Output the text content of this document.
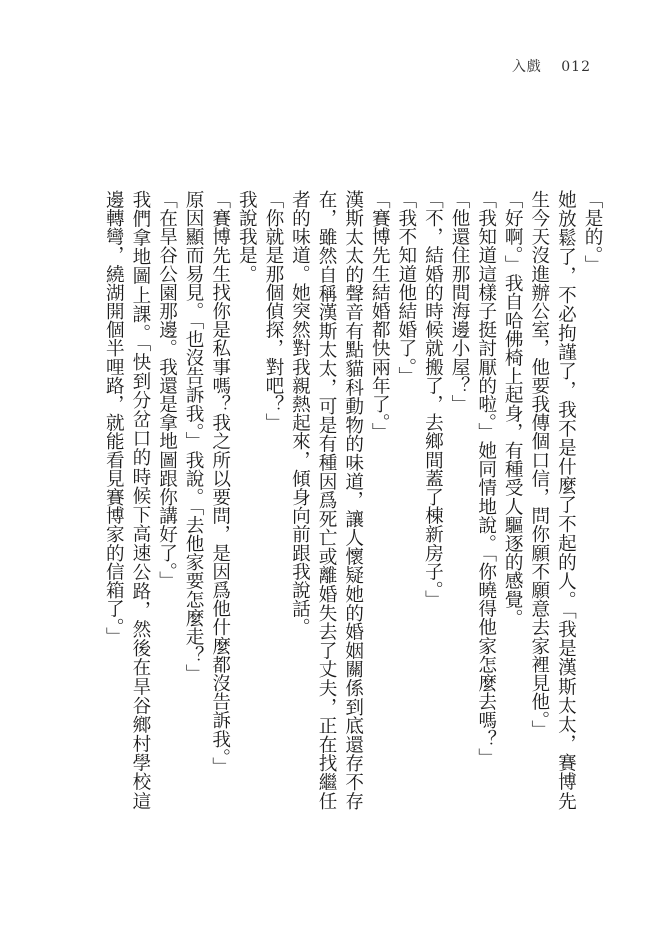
入戲 012

「是的。」

她放鬆了，不必拘謹了，我不是什麼了不起的人。「我是漢斯太太，賽博先生今天沒進辦公室，他要我傳個口信，問你願不願意去家裡見他。」

「好啊。」我自哈佛椅上起身，有種受人驅逐的感覺。

「我知道這樣子挺討厭的啦。」她同情地說。「你曉得他家怎麼去嗎？」

「他還住那間海邊小屋？」

「不，結婚的時候就搬了，去鄉間蓋了棟新房子。」

「我不知道他結婚了。」

「賽博先生結婚都快兩年了。」

漢斯太太的聲音有點貓科動物的味道，讓人懷疑她的婚姻關係到底還存不存在，雖然自稱漢斯太太，可是有種因爲死亡或離婚失去了丈夫，正在找繼任者的味道。她突然對我親熱起來，傾身向前跟我說話。

「你就是那個偵探，對吧？」

我說我是。

「賽博先生找你是私事嗎？我之所以要問，是因爲他什麼都沒告訴我。」

原因顯而易見。「也沒告訴我。」我說。「去他家要怎麼走？」

「在旱谷公園那邊。我還是拿地圖跟你講好了。」

我們拿地圖上課。「快到分岔口的時候下高速公路，然後在旱谷鄉村學校這邊轉彎，繞湖開個半哩路，就能看見賽博家的信箱了。」
